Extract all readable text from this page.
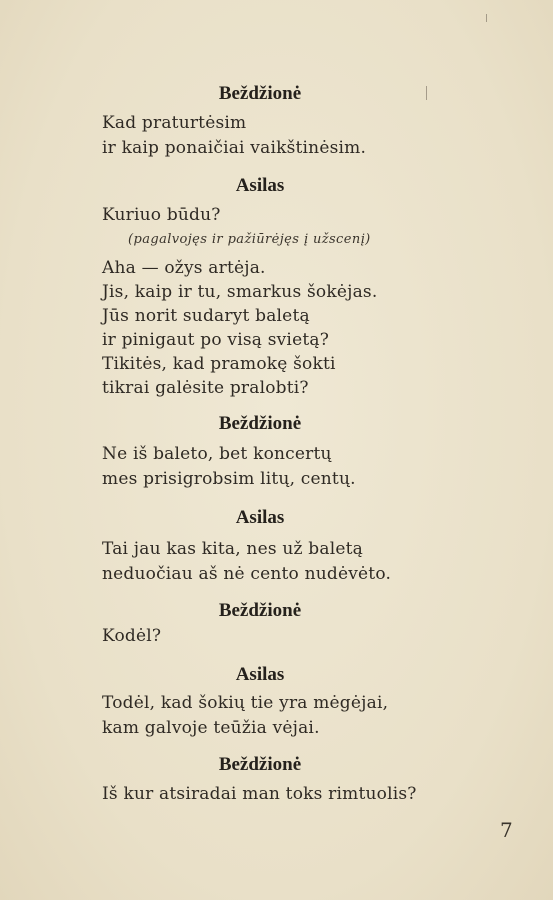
Beždžionė
Kad praturtėsim
ir kaip ponaičiai vaikštinėsim.
Asilas
Kuriuo būdu?
(pagalvojęs ir pažiūrėjęs į užscenį)
Aha — ožys artėja.
Jis, kaip ir tu, smarkus šokėjas.
Jūs norit sudaryt baletą
ir pinigaut po visą svietą?
Tikitės, kad pramokę šokti
tikrai galėsite pralobti?
Beždžionė
Ne iš baleto, bet koncertų
mes prisigrobsim litų, centų.
Asilas
Tai jau kas kita, nes už baletą
neduočiau aš nė cento nudėvėto.
Beždžionė
Kodėl?
Asilas
Todėl, kad šokių tie yra mėgėjai,
kam galvoje teūžia vėjai.
Beždžionė
Iš kur atsiradai man toks rimtuolis?
7
